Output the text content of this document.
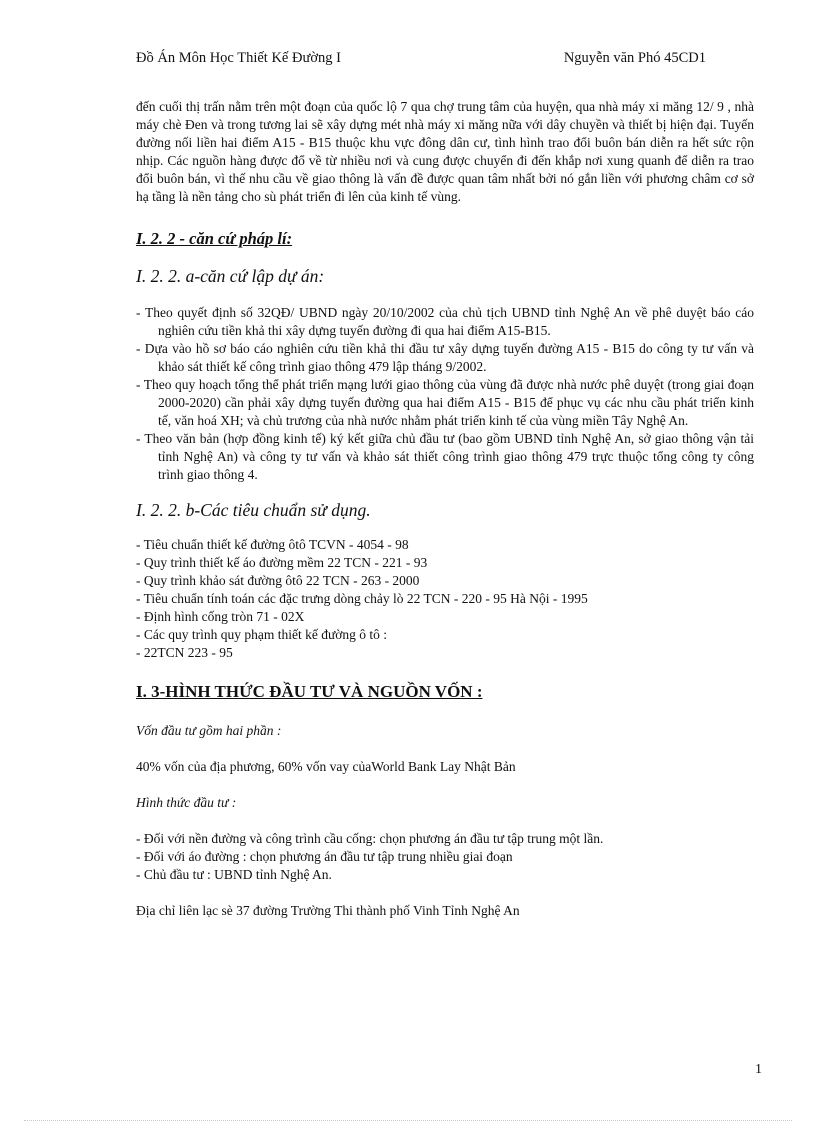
Đồ Án Môn Học Thiết Kế Đường I	Nguyễn văn Phó 45CD1

đến cuối thị trấn nằm trên một đoạn của quốc lộ 7 qua chợ trung tâm của huyện, qua nhà máy xi măng 12/ 9 , nhà máy chè Đen và trong tương lai sẽ xây dựng mét nhà máy xi măng nữa với dây chuyền và thiết bị hiện đại. Tuyến đường nối liền hai điểm A15 - B15 thuộc khu vực đông dân cư, tình hình trao đổi buôn bán diễn ra hết sức rộn nhịp. Các nguồn hàng được đổ về từ nhiều nơi và cung được chuyển đi đến khắp nơi xung quanh để diễn ra trao đổi buôn bán, vì thế nhu cầu về giao thông là vấn đề được quan tâm nhất bởi nó gắn liền với phương châm cơ sở hạ tầng là nền tảng cho sù phát triển đi lên của kinh tế vùng.

I. 2. 2 - căn cứ pháp lí:
I. 2. 2. a-căn cứ lập dự án:
- Theo quyết định số 32QĐ/ UBND ngày 20/10/2002 của chủ tịch UBND tỉnh Nghệ An về phê duyệt báo cáo nghiên cứu tiền khả thi xây dựng tuyến đường đi qua hai điểm A15-B15.
- Dựa vào hồ sơ báo cáo nghiên cứu tiền khả thi đầu tư xây dựng tuyến đường A15 - B15 do công ty tư vấn và khảo sát thiết kế công trình giao thông 479 lập tháng 9/2002.
- Theo quy hoạch tổng thể phát triển mạng lưới giao thông của vùng đã được nhà nước phê duyệt (trong giai đoạn 2000-2020) cần phải xây dựng tuyến đường qua hai điểm A15 - B15 để phục vụ các nhu cầu phát triển kinh tế, văn hoá XH; và chủ trương của nhà nước nhằm phát triển kinh tế của vùng miền Tây Nghệ An.
- Theo văn bản (hợp đồng kinh tế) ký kết giữa chủ đầu tư (bao gồm UBND tỉnh Nghệ An, sở giao thông vận tải tỉnh Nghệ An) và công ty tư vấn và khảo sát thiết công trình giao thông 479 trực thuộc tổng công ty công trình giao thông 4.
I. 2. 2. b-Các tiêu chuẩn sử dụng.
- Tiêu chuẩn thiết kế đường ôtô TCVN - 4054 - 98
- Quy trình thiết kế áo đường mềm 22 TCN - 221 - 93
- Quy trình khảo sát đường ôtô 22 TCN - 263 - 2000
- Tiêu chuẩn tính toán các đặc trưng dòng chảy lò 22 TCN - 220 - 95 Hà Nội - 1995
- Định hình cống tròn 71 - 02X
- Các quy trình quy phạm thiết kế đường ô tô :
- 22TCN 223 - 95
I. 3-HÌNH THỨC ĐẦU TƯ VÀ NGUỒN VỐN :
Vốn đầu tư gồm hai phần :
40% vốn của địa phương, 60% vốn vay củaWorld Bank Lay Nhật Bản
Hình thức đầu tư :
- Đối với nền đường và công trình cầu cống: chọn phương án đầu tư tập trung một lần.
- Đối với áo đường : chọn phương án đầu tư tập trung nhiều giai đoạn
- Chủ đầu tư : UBND tỉnh Nghệ An.
Địa chỉ liên lạc sè 37 đường Trường Thi thành phố Vinh Tỉnh Nghệ An
1
